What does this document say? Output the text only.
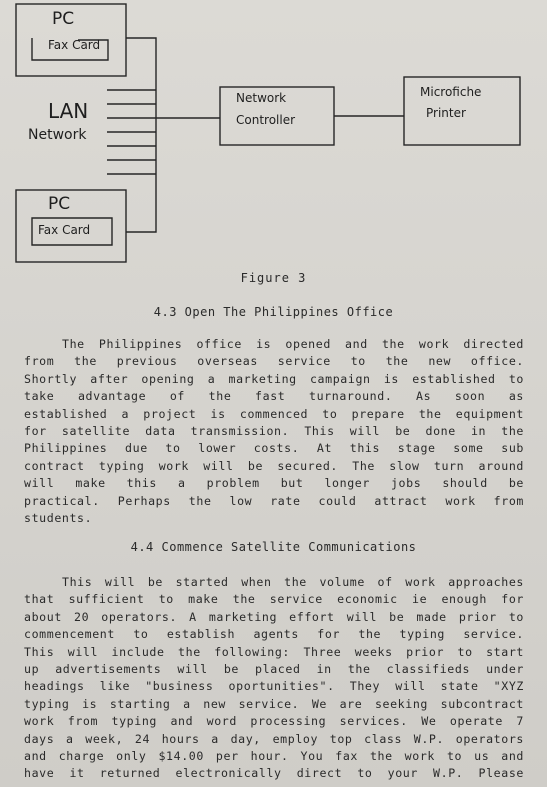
PC
Fax Card
LAN
Network
Network
Controller
Microfiche
Printer
PC
Fax Card
Figure 3
4.3 Open The Philippines Office
The Philippines office is opened and the work directed
from the previous overseas service to the new office.
Shortly after opening a marketing campaign is established to
take advantage of the fast turnaround. As soon as
established a project is commenced to prepare the equipment
for satellite data transmission. This will be done in the
Philippines due to lower costs. At this stage some sub
contract typing work will be secured. The slow turn around
will make this a problem but longer jobs should be
practical. Perhaps the low rate could attract work from
students.
4.4 Commence Satellite Communications
This will be started when the volume of work approaches
that sufficient to make the service economic ie enough for
about 20 operators. A marketing effort will be made prior to
commencement to establish agents for the typing service.
This will include the following: Three weeks prior to start
up advertisements will be placed in the classifieds under
headings like "business oportunities". They will state "XYZ
typing is starting a new service. We are seeking subcontract
work from typing and word processing services. We operate 7
days a week, 24 hours a day, employ top class W.P. operators
and charge only $14.00 per hour. You fax the work to us and
have it returned electronically direct to your W.P. Please
